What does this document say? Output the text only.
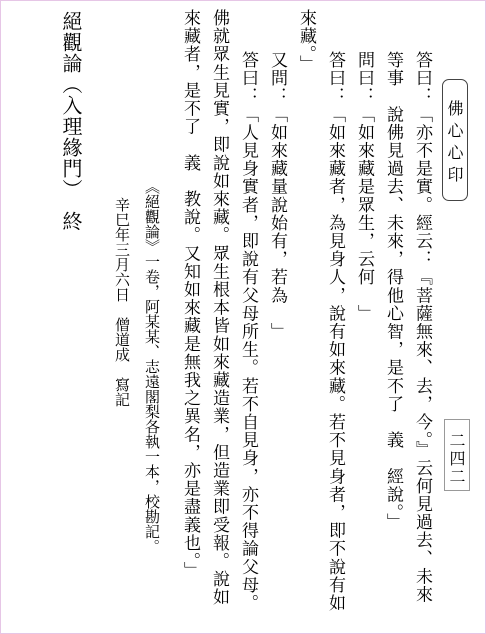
佛心心印
二四二
答曰：「亦不是實。經云：『菩薩無來、去，今。』云何見過去、未來
等事　說佛見過去、未來，得他心智，是不了　義　經說。」
問曰：「如來藏是眾生，云何　」
答曰：「如來藏者，為見身人，說有如來藏。若不見身者，即不說有如
來藏。」
又問：「如來藏量說始有，若為　」
答曰：「人見身實者，即說有父母所生。若不自見身，亦不得論父母。
佛就眾生見實，即說如來藏。眾生根本皆如來藏造業，但造業即受報。說如
來藏者，是不了　義　教說。又知如來藏是無我之異名，亦是盡義也。」
《絕觀論》一卷，阿某某、志遠閣梨各執一本，校勘記。
辛巳年三月六日　僧道成　寫記
絕觀論（入理緣門）　終
